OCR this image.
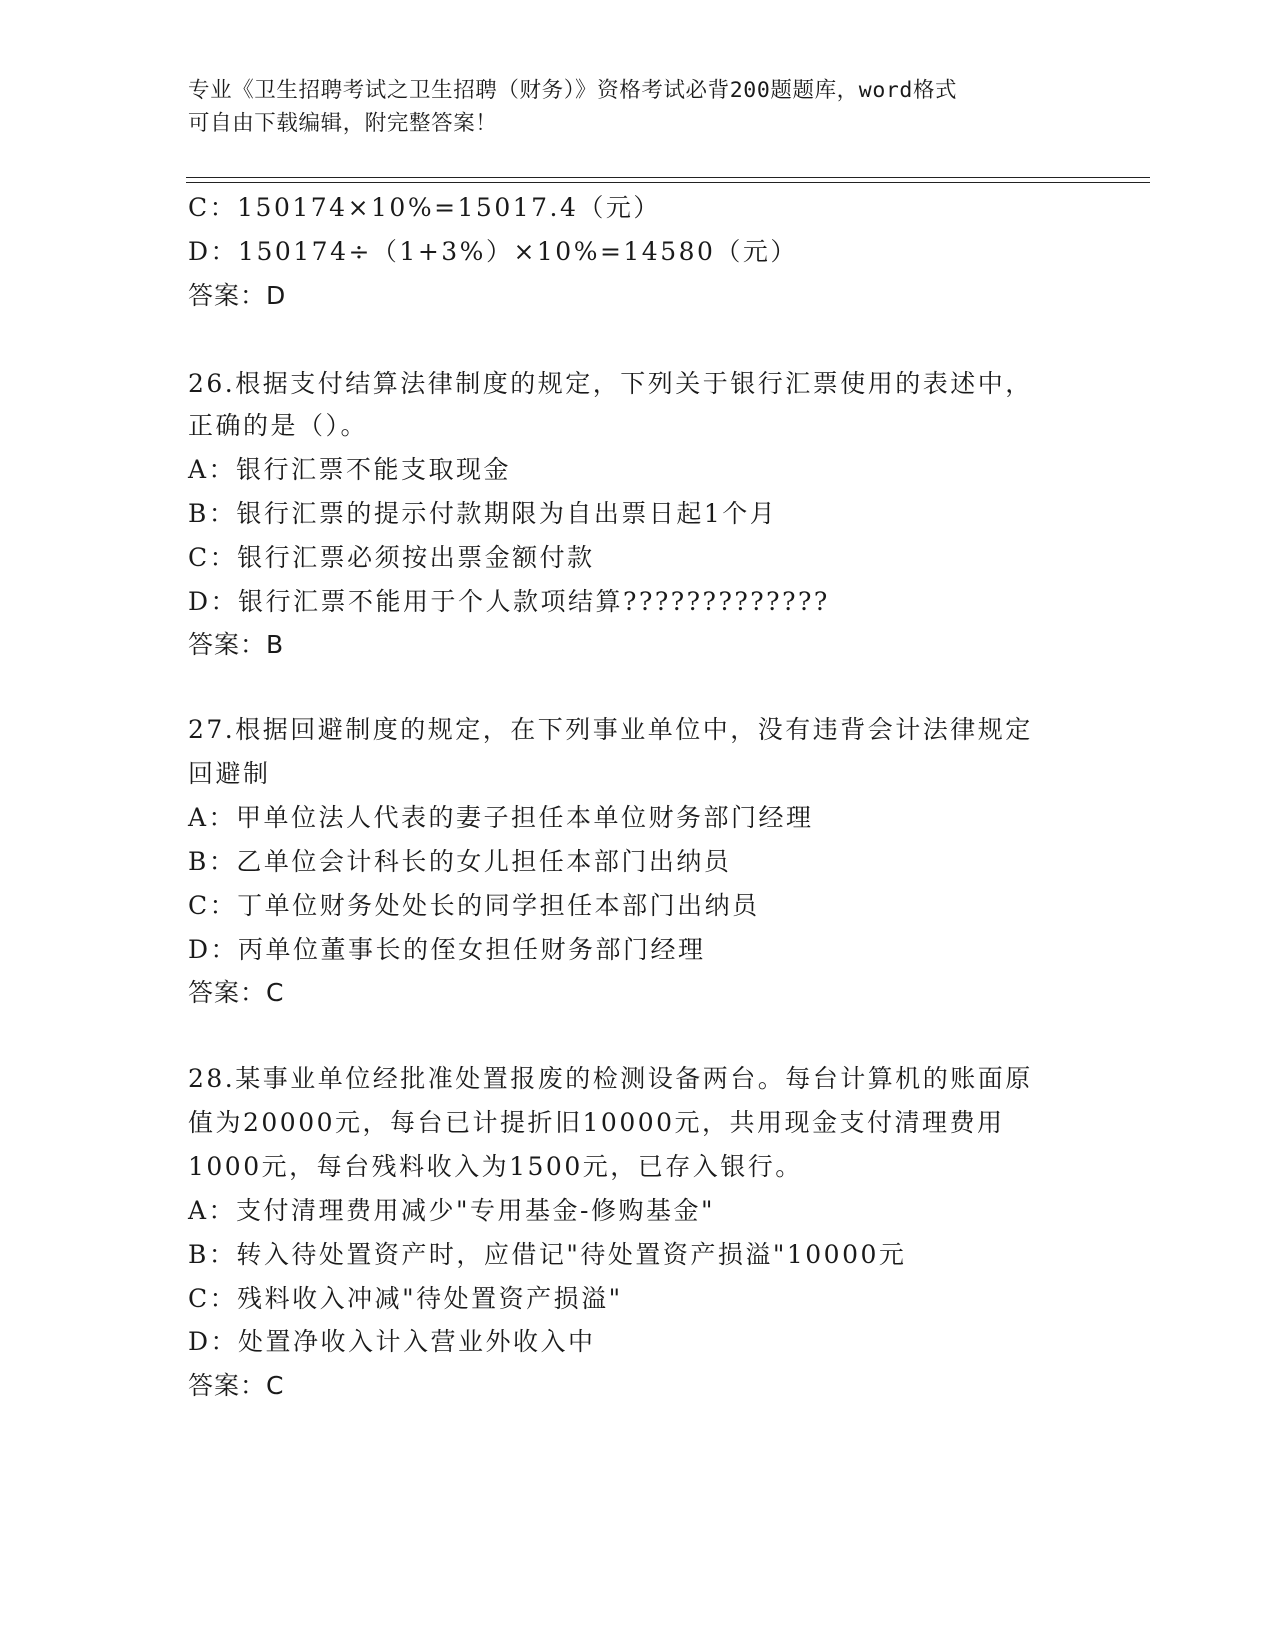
专业《卫生招聘考试之卫生招聘（财务）》资格考试必背200题题库，word格式
可自由下载编辑，附完整答案！
C：150174×10%=15017.4（元）
D：150174÷（1+3%）×10%=14580（元）
答案：D
26.根据支付结算法律制度的规定，下列关于银行汇票使用的表述中，
正确的是（）。
A：银行汇票不能支取现金
B：银行汇票的提示付款期限为自出票日起1个月
C：银行汇票必须按出票金额付款
D：银行汇票不能用于个人款项结算?????????????
答案：B
27.根据回避制度的规定，在下列事业单位中，没有违背会计法律规定
回避制
A：甲单位法人代表的妻子担任本单位财务部门经理
B：乙单位会计科长的女儿担任本部门出纳员
C：丁单位财务处处长的同学担任本部门出纳员
D：丙单位董事长的侄女担任财务部门经理
答案：C
28.某事业单位经批准处置报废的检测设备两台。每台计算机的账面原
值为20000元，每台已计提折旧10000元，共用现金支付清理费用
1000元，每台残料收入为1500元，已存入银行。
A：支付清理费用减少"专用基金-修购基金"
B：转入待处置资产时，应借记"待处置资产损溢"10000元
C：残料收入冲减"待处置资产损溢"
D：处置净收入计入营业外收入中
答案：C
